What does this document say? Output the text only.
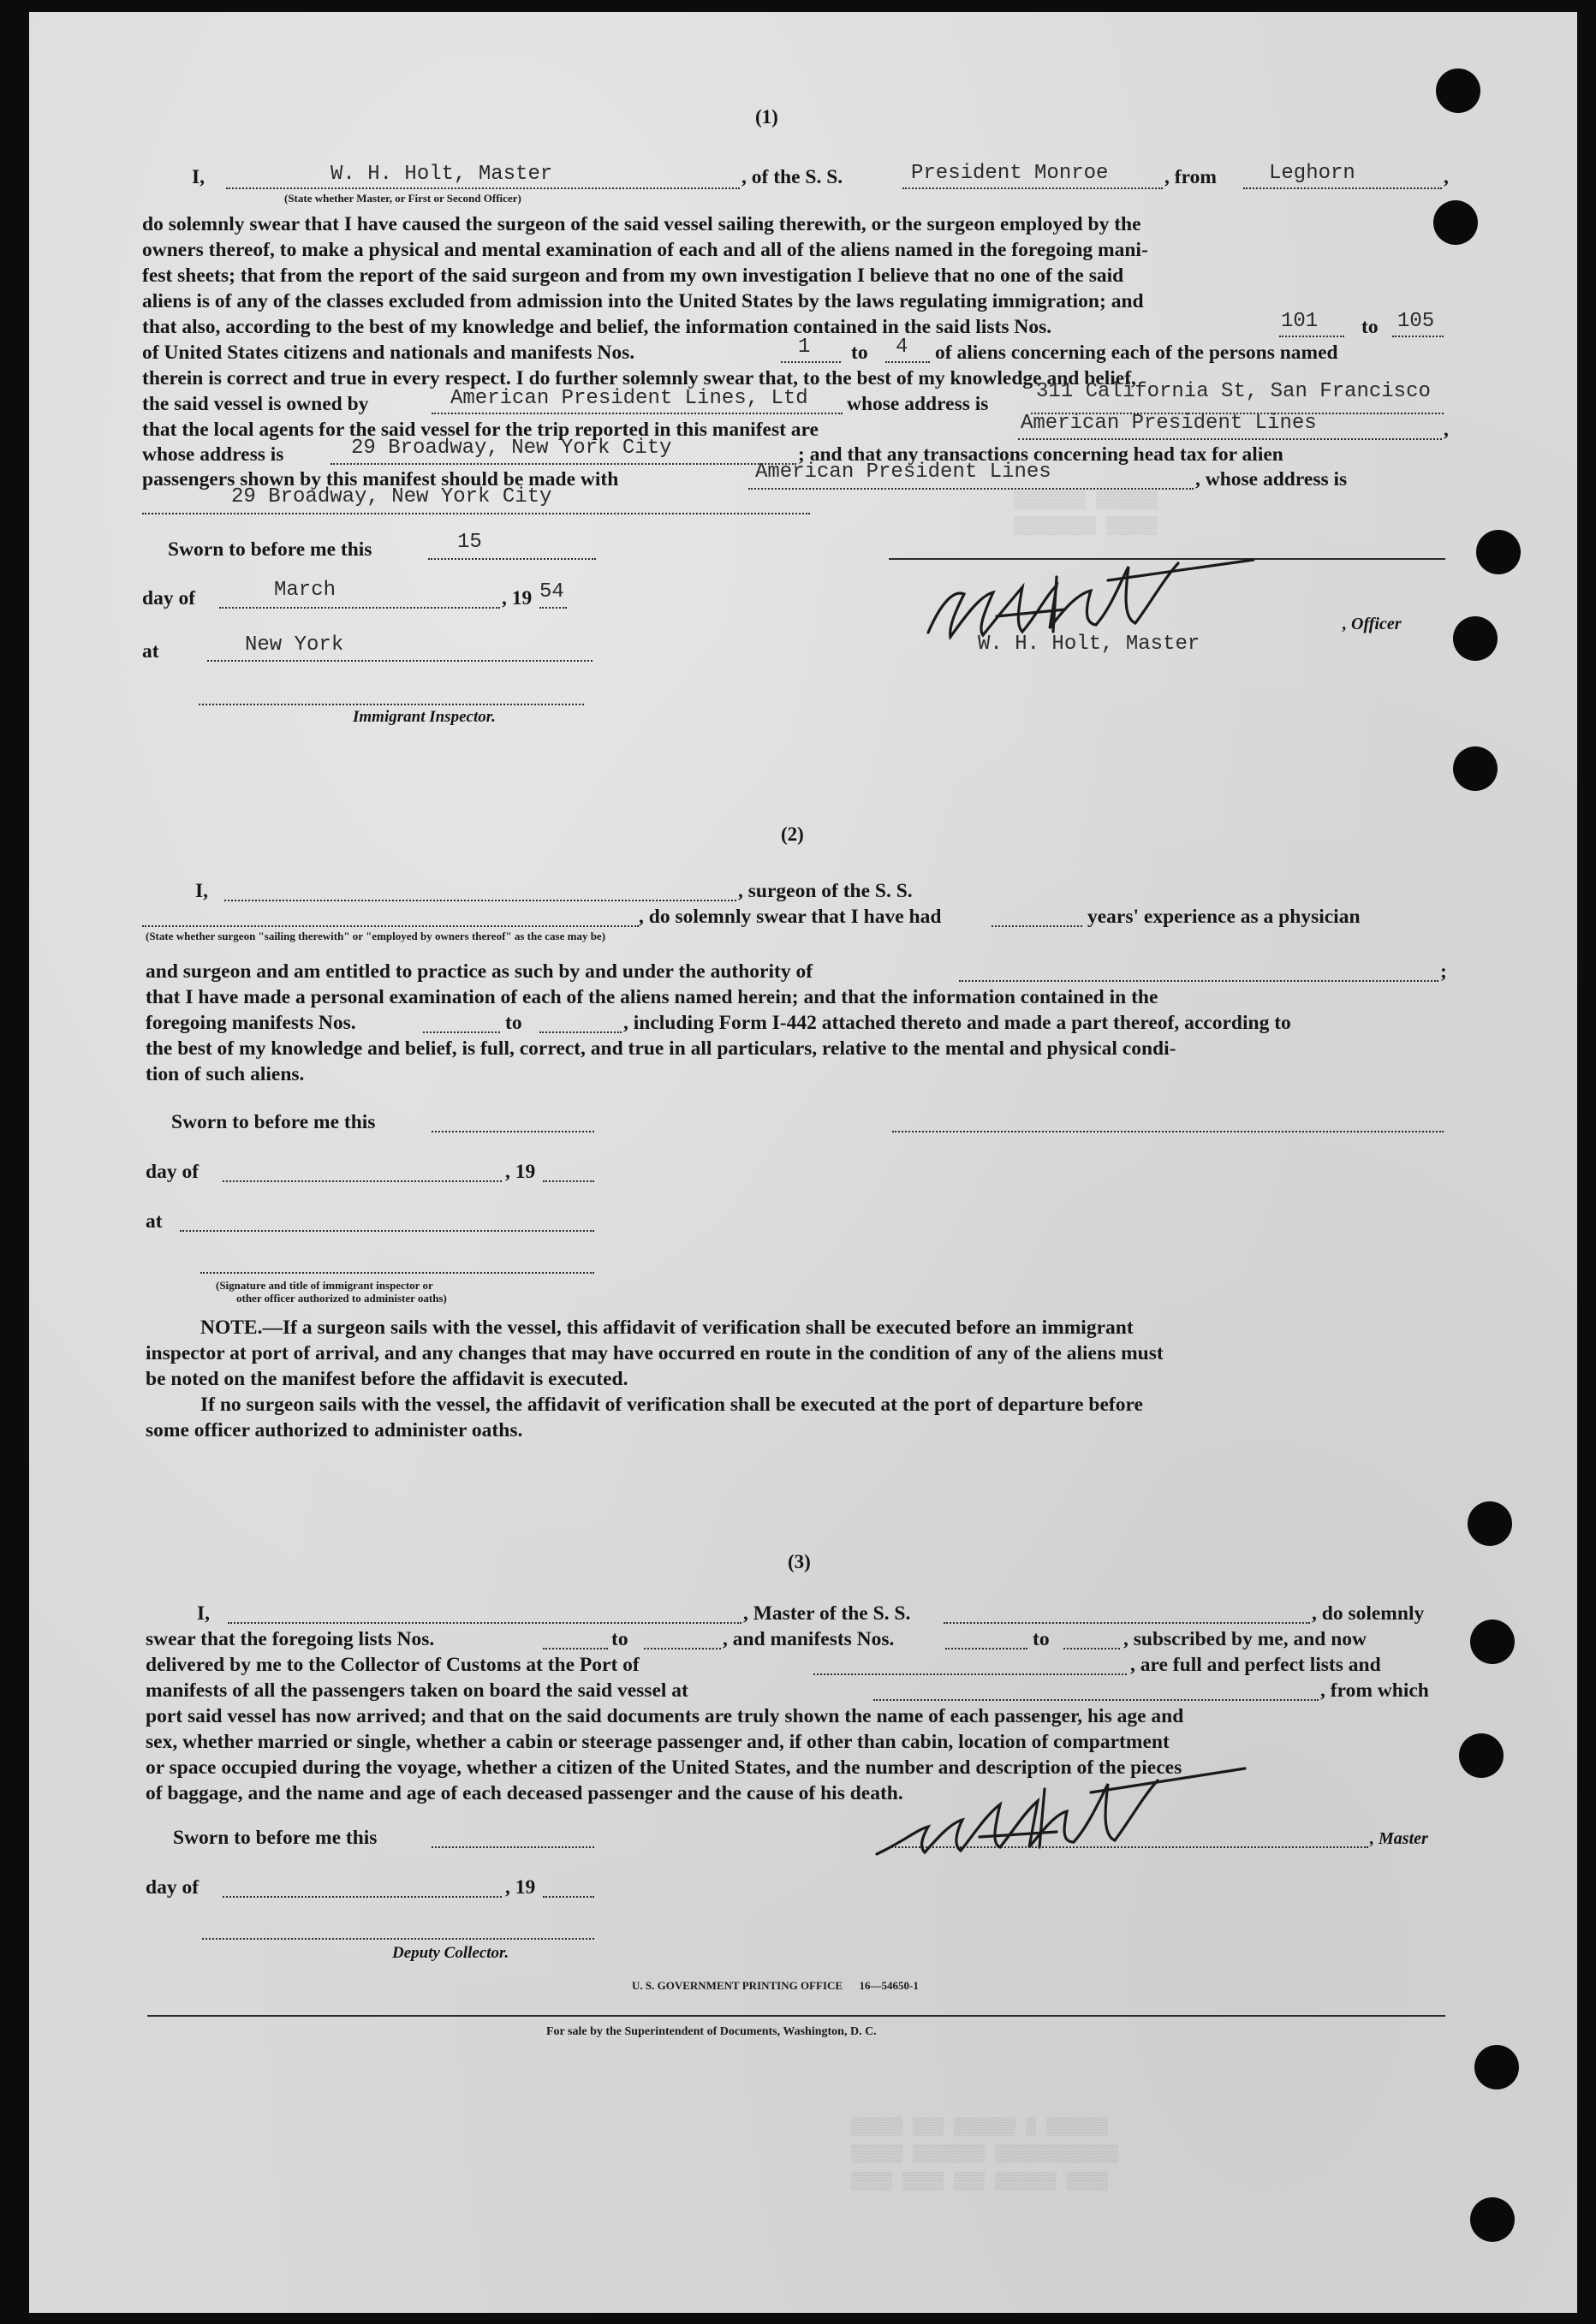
▒▒▒▒▒▒▒ ▒▒▒▒▒▒
▒▒▒▒▒▒▒▒ ▒▒▒▒▒
▒▒▒▒▒ ▒▒▒ ▒▒▒▒▒▒ ▒ ▒▒▒▒▒▒
▒▒▒▒▒ ▒▒▒▒▒▒▒ ▒▒▒▒▒▒▒▒▒▒▒▒
▒▒▒▒ ▒▒▒▒ ▒▒▒ ▒▒▒▒▒▒ ▒▒▒▒
(1)
I,	W. H. Holt, Master
(State whether Master, or First or Second Officer)
, of the S. S.	President Monroe	, from	Leghorn	,
do solemnly swear that I have caused the surgeon of the said vessel sailing therewith, or the surgeon employed by the
owners thereof, to make a physical and mental examination of each and all of the aliens named in the foregoing mani-
fest sheets; that from the report of the said surgeon and from my own investigation I believe that no one of the said
aliens is of any of the classes excluded from admission into the United States by the laws regulating immigration; and
that also, according to the best of my knowledge and belief, the information contained in the said lists Nos.	101 to 105
of United States citizens and nationals and manifests Nos.	1 to 4 of aliens concerning each of the persons named
therein is correct and true in every respect. I do further solemnly swear that, to the best of my knowledge and belief,
the said vessel is owned by	American President Lines, Ltd whose address is
311 California St, San Francisco
that the local agents for the said vessel for the trip reported in this manifest are	American President Lines	,
whose address is	29 Broadway, New York City	; and that any transactions concerning head tax for alien
passengers shown by this manifest should be made with	American President Lines	, whose address is
29 Broadway, New York City
Sworn to before me this	15
day of	March	, 19 54
, Officer
W. H. Holt, Master
at	New York
Immigrant Inspector.
(2)
I,	, surgeon of the S. S.
, do solemnly swear that I have had	years' experience as a physician
(State whether surgeon "sailing therewith" or "employed by owners thereof" as the case may be)
and surgeon and am entitled to practice as such by and under the authority of	;
that I have made a personal examination of each of the aliens named herein; and that the information contained in the
foregoing manifests Nos.	to	, including Form I-442 attached thereto and made a part thereof, according to
the best of my knowledge and belief, is full, correct, and true in all particulars, relative to the mental and physical condi-
tion of such aliens.
Sworn to before me this
day of	, 19
at
(Signature and title of immigrant inspector or
other officer authorized to administer oaths)
NOTE.—If a surgeon sails with the vessel, this affidavit of verification shall be executed before an immigrant
inspector at port of arrival, and any changes that may have occurred en route in the condition of any of the aliens must
be noted on the manifest before the affidavit is executed.
If no surgeon sails with the vessel, the affidavit of verification shall be executed at the port of departure before
some officer authorized to administer oaths.
(3)
I,	, Master of the S. S.	, do solemnly
swear that the foregoing lists Nos.	to	, and manifests Nos.	to	, subscribed by me, and now
delivered by me to the Collector of Customs at the Port of	, are full and perfect lists and
manifests of all the passengers taken on board the said vessel at	, from which
port said vessel has now arrived; and that on the said documents are truly shown the name of each passenger, his age and
sex, whether married or single, whether a cabin or steerage passenger and, if other than cabin, location of compartment
or space occupied during the voyage, whether a citizen of the United States, and the number and description of the pieces
of baggage, and the name and age of each deceased passenger and the cause of his death.
Sworn to before me this	, Master
day of	, 19
Deputy Collector.
U. S. GOVERNMENT PRINTING OFFICE      16—54650-1
For sale by the Superintendent of Documents, Washington, D. C.
